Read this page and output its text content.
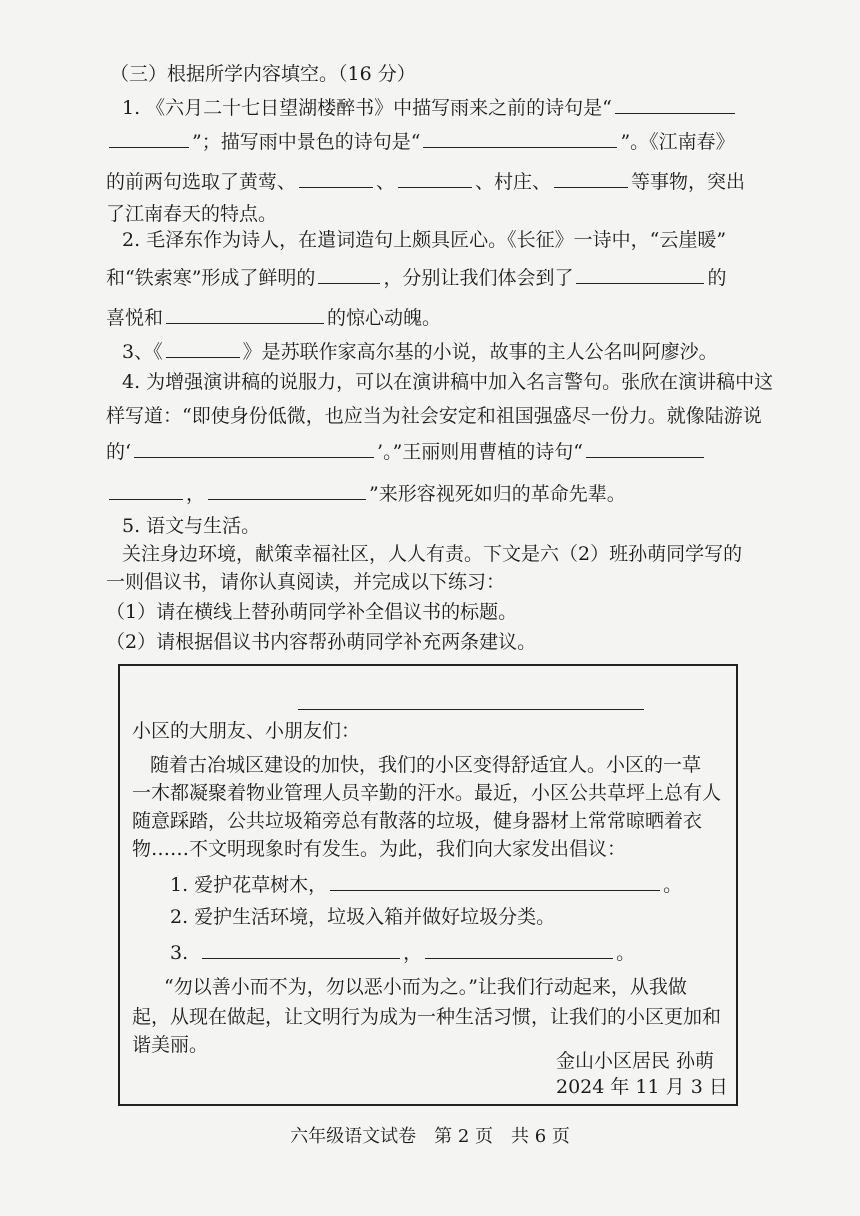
（三）根据所学内容填空。（16 分）
1. 《六月二十七日望湖楼醉书》中描写雨来之前的诗句是“
”；描写雨中景色的诗句是“	”。《江南春》
的前两句选取了黄莺、	、	、村庄、	等事物，突出
了江南春天的特点。
2. 毛泽东作为诗人，在遣词造句上颇具匠心。《长征》一诗中，“云崖暖”
和“铁索寒”形成了鲜明的	，分别让我们体会到了	的
喜悦和	的惊心动魄。
3、《	》是苏联作家高尔基的小说，故事的主人公名叫阿廖沙。
4. 为增强演讲稿的说服力，可以在演讲稿中加入名言警句。张欣在演讲稿中这
样写道：“即使身份低微，也应当为社会安定和祖国强盛尽一份力。就像陆游说
的‘	’。”王丽则用曹植的诗句“
，	”来形容视死如归的革命先辈。
5. 语文与生活。
关注身边环境，献策幸福社区，人人有责。下文是六（2）班孙萌同学写的
一则倡议书，请你认真阅读，并完成以下练习：
（1）请在横线上替孙萌同学补全倡议书的标题。
（2）请根据倡议书内容帮孙萌同学补充两条建议。
小区的大朋友、小朋友们：
随着古冶城区建设的加快，我们的小区变得舒适宜人。小区的一草
一木都凝聚着物业管理人员辛勤的汗水。最近，小区公共草坪上总有人
随意踩踏，公共垃圾箱旁总有散落的垃圾，健身器材上常常晾晒着衣
物……不文明现象时有发生。为此，我们向大家发出倡议：
1. 爱护花草树木，	。
2. 爱护生活环境，垃圾入箱并做好垃圾分类。
3.	，	。
“勿以善小而不为，勿以恶小而为之。”让我们行动起来，从我做
起，从现在做起，让文明行为成为一种生活习惯，让我们的小区更加和
谐美丽。
金山小区居民 孙萌
2024 年 11 月 3 日
六年级语文试卷　第 2 页　共 6 页
